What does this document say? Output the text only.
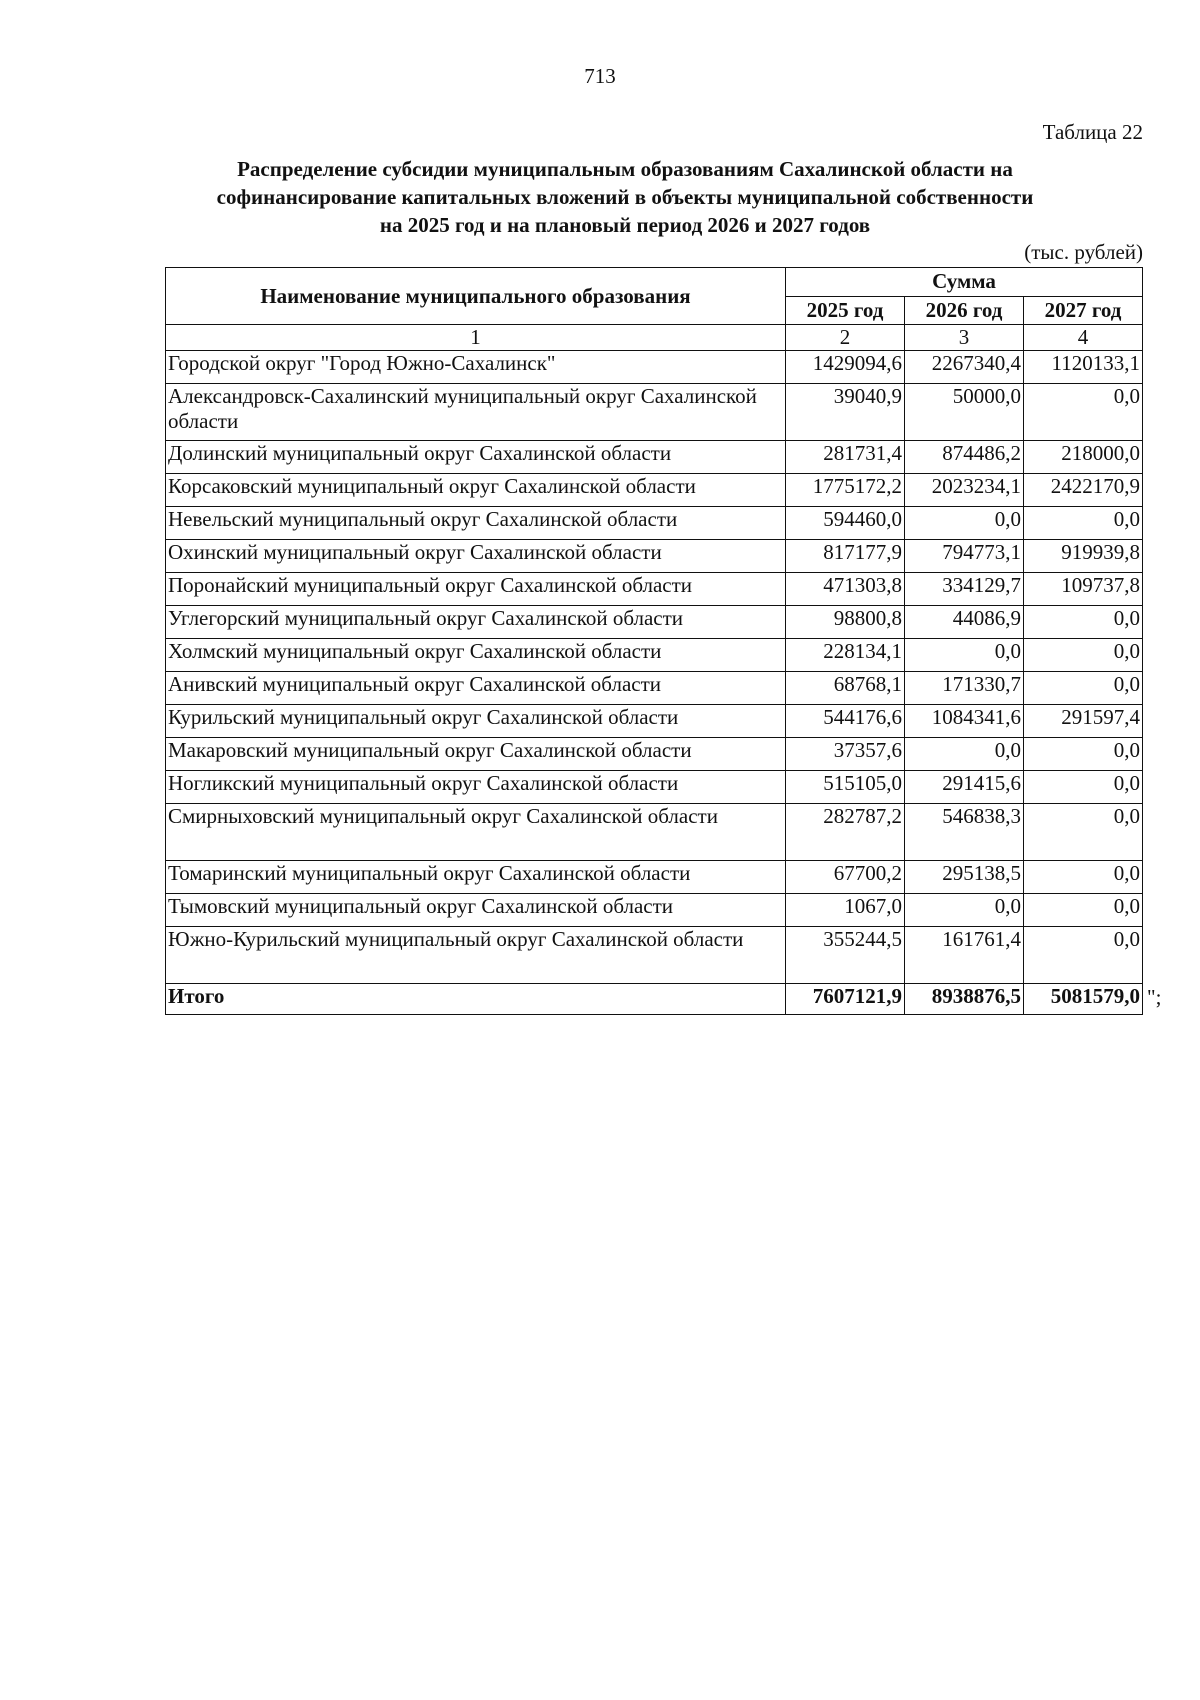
713
Таблица 22
Распределение субсидии муниципальным образованиям Сахалинской области на
софинансирование капитальных вложений в объекты муниципальной собственности
на 2025 год и на плановый период 2026 и 2027 годов
(тыс. рублей)
Наименование муниципального образования	Сумма		
	2025 год	2026 год	2027 год
1	2	3	4
Городской округ "Город Южно-Сахалинск"	1429094,6	2267340,4	1120133,1
Александровск-Сахалинский муниципальный округ Сахалинской области	39040,9	50000,0	0,0
Долинский муниципальный округ Сахалинской области	281731,4	874486,2	218000,0
Корсаковский муниципальный округ Сахалинской области	1775172,2	2023234,1	2422170,9
Невельский муниципальный округ Сахалинской области	594460,0	0,0	0,0
Охинский муниципальный округ Сахалинской области	817177,9	794773,1	919939,8
Поронайский муниципальный округ Сахалинской области	471303,8	334129,7	109737,8
Углегорский муниципальный округ Сахалинской области	98800,8	44086,9	0,0
Холмский муниципальный округ Сахалинской области	228134,1	0,0	0,0
Анивский муниципальный округ Сахалинской области	68768,1	171330,7	0,0
Курильский муниципальный округ Сахалинской области	544176,6	1084341,6	291597,4
Макаровский муниципальный округ Сахалинской области	37357,6	0,0	0,0
Ногликский муниципальный округ Сахалинской области	515105,0	291415,6	0,0
Смирныховский муниципальный округ Сахалинской области	282787,2	546838,3	0,0
Томаринский муниципальный округ Сахалинской области	67700,2	295138,5	0,0
Тымовский муниципальный округ Сахалинской области	1067,0	0,0	0,0
Южно-Курильский муниципальный округ Сахалинской области	355244,5	161761,4	0,0
Итого	7607121,9	8938876,5	5081579,0 ";
